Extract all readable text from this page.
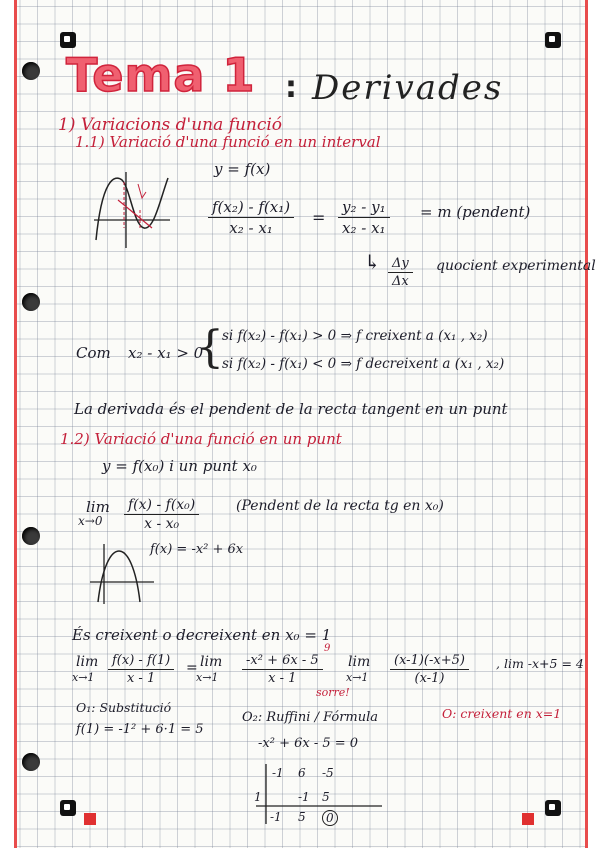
Tema 1 : Derivades
1) Variacions d'una funció
1.1) Variació d'una funció en un interval
y = f(x)
$\frac{\text{f(x₂) - f(x₁)}}{\text{x₂ - x₁}} = \frac{\text{y₂ - y₁}}{\text{x₂ - x₁}} = m$ (pendent)
↳ $\frac{\Delta y}{\Delta x}$ quocient experimental
Com x₂ - x₁ > 0
{
si f(x₂) - f(x₁) > 0 ⇒ f creixent a (x₁ , x₂)
si f(x₂) - f(x₁) < 0 ⇒ f decreixent a (x₁ , x₂)
La derivada és el pendent de la recta tangent en un punt
1.2) Variació d'una funció en un punt
y = f(x₀) i un punt x₀
lim
$x\to 0 \frac{\text{f(x) - f(x₀)}}{\text{x - x₀}}$	(Pendent de la recta tg en x₀)
f(x) = -x² + 6x
És creixent o decreixent en x₀ = 1
lim
$x\to 1 \frac{f(x) - f(1)}{x - 1} = \lim$
$x\to 1 \frac{\text{-x² + 6x - 5}}{x - 1}$
9
sorre!
lim
$x\to 1 \frac{(x-1)(-x+5)}{(x-1)}$ , lim -x+5 = 4
O₁: Substitució
f(1) = -1² + 6·1 = 5
O₂: Ruffini / Fórmula
-x² + 6x - 5 = 0
O: creixent en x=1
-1 6 -5
1	-1 5
-1 5	0
